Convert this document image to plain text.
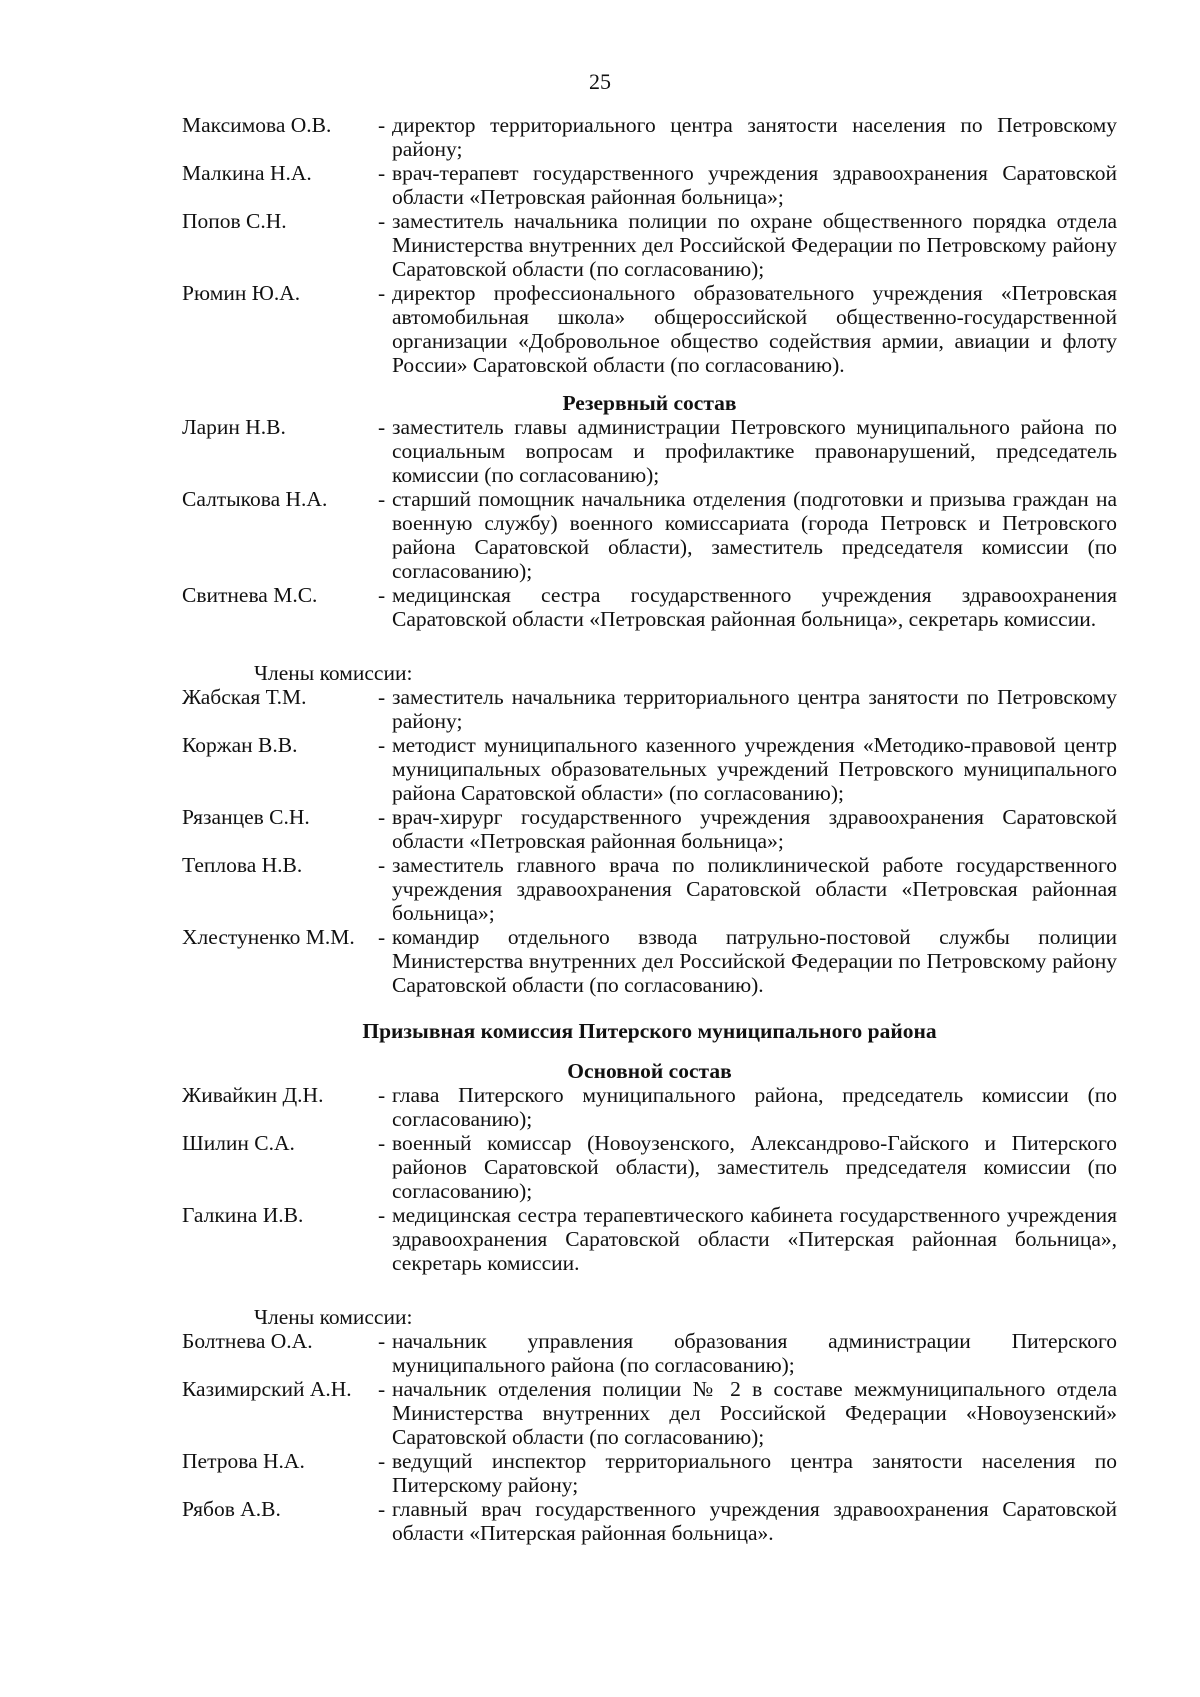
25
Максимова О.В.	- директор территориального центра занятости населения по Петровскому району;
Малкина Н.А.	- врач-терапевт государственного учреждения здравоохранения Саратовской области «Петровская районная больница»;
Попов С.Н.	- заместитель начальника полиции по охране общественного порядка отдела Министерства внутренних дел Российской Федерации по Петровскому району Саратовской области (по согласованию);
Рюмин Ю.А.	- директор профессионального образовательного учреждения «Петровская автомобильная школа» общероссийской общественно-государственной организации «Добровольное общество содействия армии, авиации и флоту России» Саратовской области (по согласованию).
Резервный состав
Ларин Н.В.	- заместитель главы администрации Петровского муниципального района по социальным вопросам и профилактике правонарушений, председатель комиссии (по согласованию);
Салтыкова Н.А.	- старший помощник начальника отделения (подготовки и призыва граждан на военную службу) военного комиссариата (города Петровск и Петровского района Саратовской области), заместитель председателя комиссии (по согласованию);
Свитнева М.С.	- медицинская сестра государственного учреждения здравоохранения Саратовской области «Петровская районная больница», секретарь комиссии.
Члены комиссии:
Жабская Т.М.	- заместитель начальника территориального центра занятости по Петровскому району;
Коржан В.В.	- методист муниципального казенного учреждения «Методико-правовой центр муниципальных образовательных учреждений Петровского муниципального района Саратовской области» (по согласованию);
Рязанцев С.Н.	- врач-хирург государственного учреждения здравоохранения Саратовской области «Петровская районная больница»;
Теплова Н.В.	- заместитель главного врача по поликлинической работе государственного учреждения здравоохранения Саратовской области «Петровская районная больница»;
Хлестуненко М.М.	- командир отдельного взвода патрульно-постовой службы полиции Министерства внутренних дел Российской Федерации по Петровскому району Саратовской области (по согласованию).
Призывная комиссия Питерского муниципального района
Основной состав
Живайкин Д.Н.	- глава Питерского муниципального района, председатель комиссии (по согласованию);
Шилин С.А.	- военный комиссар (Новоузенского, Александрово-Гайского и Питерского районов Саратовской области), заместитель председателя комиссии (по согласованию);
Галкина И.В.	- медицинская сестра терапевтического кабинета государственного учреждения здравоохранения Саратовской области «Питерская районная больница», секретарь комиссии.
Члены комиссии:
Болтнева О.А.	- начальник управления образования администрации Питерского муниципального района (по согласованию);
Казимирский А.Н.	- начальник отделения полиции № 2 в составе межмуниципального отдела Министерства внутренних дел Российской Федерации «Новоузенский» Саратовской области (по согласованию);
Петрова Н.А.	- ведущий инспектор территориального центра занятости населения по Питерскому району;
Рябов А.В.	- главный врач государственного учреждения здравоохранения Саратовской области «Питерская районная больница».
